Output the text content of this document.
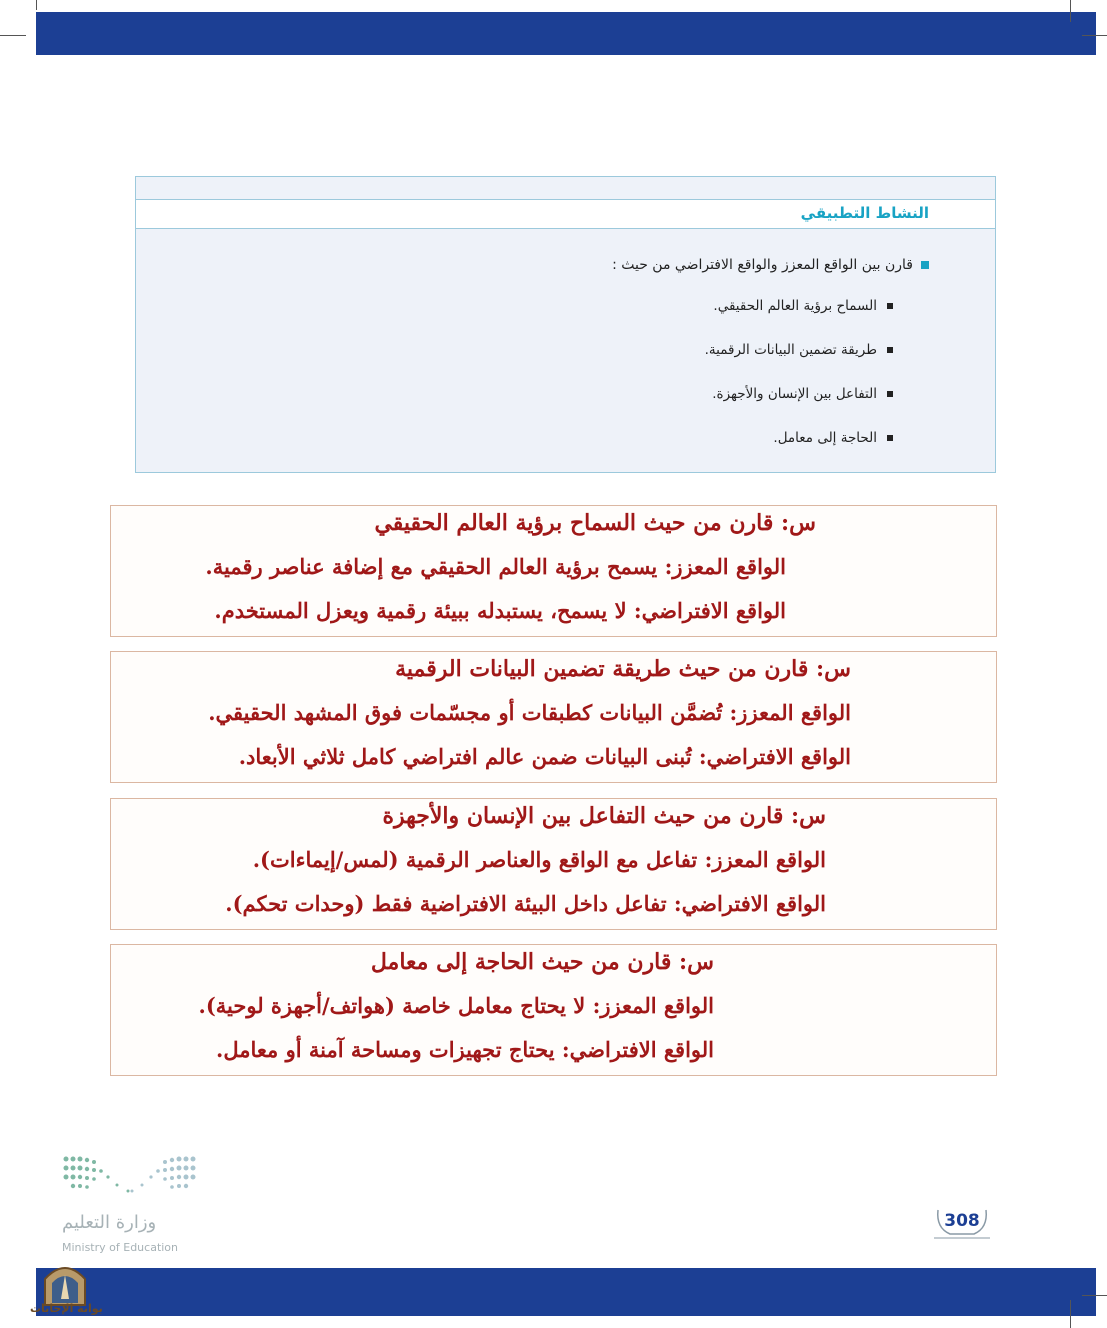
النشاط التطبيقي
قارن بين الواقع المعزز والواقع الافتراضي من حيث :
السماح برؤية العالم الحقيقي.
طريقة تضمين البيانات الرقمية.
التفاعل بين الإنسان والأجهزة.
الحاجة إلى معامل.
س: قارن من حيث السماح برؤية العالم الحقيقي
الواقع المعزز: يسمح برؤية العالم الحقيقي مع إضافة عناصر رقمية.
الواقع الافتراضي: لا يسمح، يستبدله ببيئة رقمية ويعزل المستخدم.
س: قارن من حيث طريقة تضمين البيانات الرقمية
الواقع المعزز: تُضمَّن البيانات كطبقات أو مجسّمات فوق المشهد الحقيقي.
الواقع الافتراضي: تُبنى البيانات ضمن عالم افتراضي كامل ثلاثي الأبعاد.
س: قارن من حيث التفاعل بين الإنسان والأجهزة
الواقع المعزز: تفاعل مع الواقع والعناصر الرقمية (لمس/إيماءات).
الواقع الافتراضي: تفاعل داخل البيئة الافتراضية فقط (وحدات تحكم).
س: قارن من حيث الحاجة إلى معامل
الواقع المعزز: لا يحتاج معامل خاصة (هواتف/أجهزة لوحية).
الواقع الافتراضي: يحتاج تجهيزات ومساحة آمنة أو معامل.
وزارة التعليم
Ministry of Education
308
بوابة الإجابات
